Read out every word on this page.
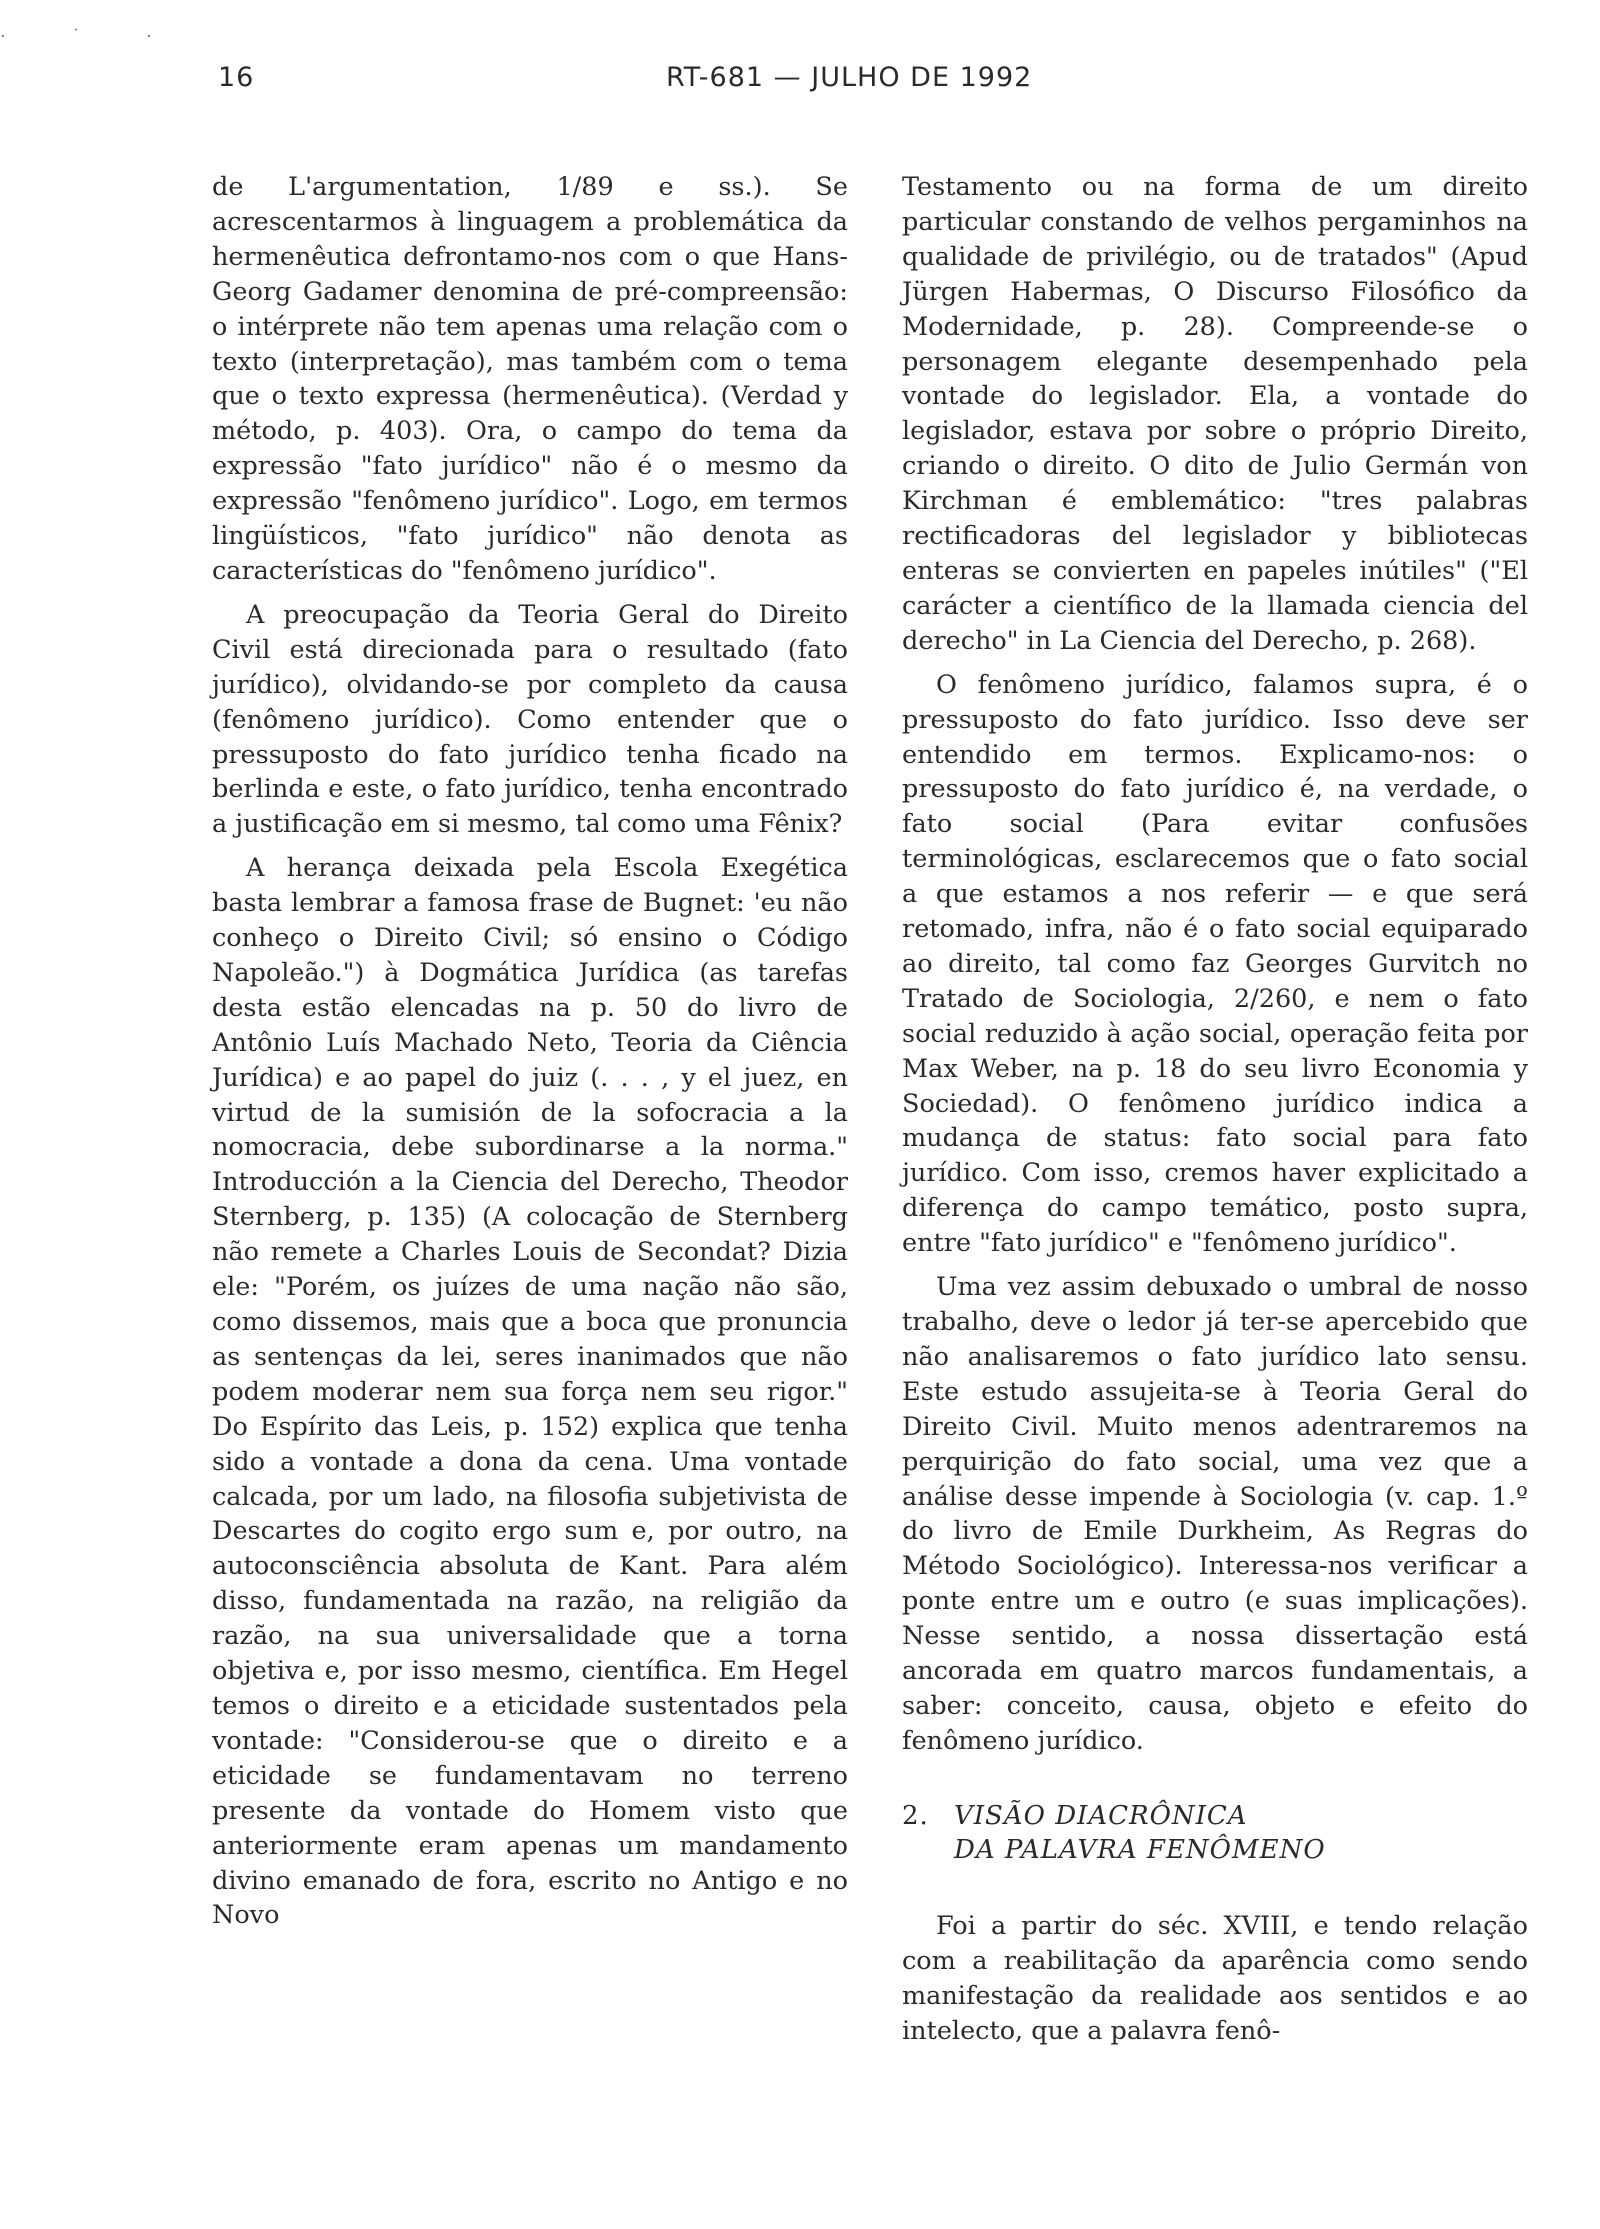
· ˙ ·
16	RT-681 — JULHO DE 1992

de L'argumentation, 1/89 e ss.). Se acrescentarmos à linguagem a problemática da hermenêutica defrontamo-nos com o que Hans-Georg Gadamer denomina de pré-compreensão: o intérprete não tem apenas uma relação com o texto (interpretação), mas também com o tema que o texto expressa (hermenêutica). (Verdad y método, p. 403). Ora, o campo do tema da expressão "fato jurídico" não é o mesmo da expressão "fenômeno jurídico". Logo, em termos lingüísticos, "fato jurídico" não denota as características do "fenômeno jurídico".

A preocupação da Teoria Geral do Direito Civil está direcionada para o resultado (fato jurídico), olvidando-se por completo da causa (fenômeno jurídico). Como entender que o pressuposto do fato jurídico tenha ficado na berlinda e este, o fato jurídico, tenha encontrado a justificação em si mesmo, tal como uma Fênix?

A herança deixada pela Escola Exegética basta lembrar a famosa frase de Bugnet: 'eu não conheço o Direito Civil; só ensino o Código Napoleão.") à Dogmática Jurídica (as tarefas desta estão elencadas na p. 50 do livro de Antônio Luís Machado Neto, Teoria da Ciência Jurídica) e ao papel do juiz (. . . , y el juez, en virtud de la sumisión de la sofocracia a la nomocracia, debe subordinarse a la norma." Introducción a la Ciencia del Derecho, Theodor Sternberg, p. 135) (A colocação de Sternberg não remete a Charles Louis de Secondat? Dizia ele: "Porém, os juízes de uma nação não são, como dissemos, mais que a boca que pronuncia as sentenças da lei, seres inanimados que não podem moderar nem sua força nem seu rigor." Do Espírito das Leis, p. 152) explica que tenha sido a vontade a dona da cena. Uma vontade calcada, por um lado, na filosofia subjetivista de Descartes do cogito ergo sum e, por outro, na autoconsciência absoluta de Kant. Para além disso, fundamentada na razão, na religião da razão, na sua universalidade que a torna objetiva e, por isso mesmo, científica. Em Hegel temos o direito e a eticidade sustentados pela vontade: "Considerou-se que o direito e a eticidade se fundamentavam no terreno presente da vontade do Homem visto que anteriormente eram apenas um mandamento divino emanado de fora, escrito no Antigo e no Novo

Testamento ou na forma de um direito particular constando de velhos pergaminhos na qualidade de privilégio, ou de tratados" (Apud Jürgen Habermas, O Discurso Filosófico da Modernidade, p. 28). Compreende-se o personagem elegante desempenhado pela vontade do legislador. Ela, a vontade do legislador, estava por sobre o próprio Direito, criando o direito. O dito de Julio Germán von Kirchman é emblemático: "tres palabras rectificadoras del legislador y bibliotecas enteras se convierten en papeles inútiles" ("El carácter a científico de la llamada ciencia del derecho" in La Ciencia del Derecho, p. 268).

O fenômeno jurídico, falamos supra, é o pressuposto do fato jurídico. Isso deve ser entendido em termos. Explicamo-nos: o pressuposto do fato jurídico é, na verdade, o fato social (Para evitar confusões terminológicas, esclarecemos que o fato social a que estamos a nos referir — e que será retomado, infra, não é o fato social equiparado ao direito, tal como faz Georges Gurvitch no Tratado de Sociologia, 2/260, e nem o fato social reduzido à ação social, operação feita por Max Weber, na p. 18 do seu livro Economia y Sociedad). O fenômeno jurídico indica a mudança de status: fato social para fato jurídico. Com isso, cremos haver explicitado a diferença do campo temático, posto supra, entre "fato jurídico" e "fenômeno jurídico".

Uma vez assim debuxado o umbral de nosso trabalho, deve o ledor já ter-se apercebido que não analisaremos o fato jurídico lato sensu. Este estudo assujeita-se à Teoria Geral do Direito Civil. Muito menos adentraremos na perquirição do fato social, uma vez que a análise desse impende à Sociologia (v. cap. 1.º do livro de Emile Durkheim, As Regras do Método Sociológico). Interessa-nos verificar a ponte entre um e outro (e suas implicações). Nesse sentido, a nossa dissertação está ancorada em quatro marcos fundamentais, a saber: conceito, causa, objeto e efeito do fenômeno jurídico.

2. VISÃO DIACRÔNICA
DA PALAVRA FENÔMENO

Foi a partir do séc. XVIII, e tendo relação com a reabilitação da aparência como sendo manifestação da realidade aos sentidos e ao intelecto, que a palavra fenô-
